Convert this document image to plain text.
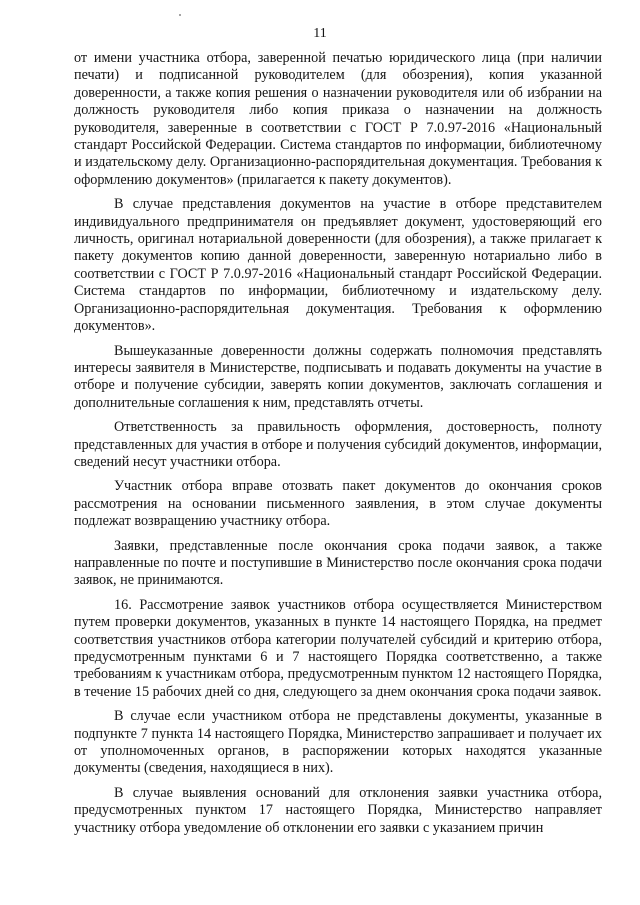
11

от имени участника отбора, заверенной печатью юридического лица (при наличии печати) и подписанной руководителем (для обозрения), копия указанной доверенности, а также копия решения о назначении руководителя или об избрании на должность руководителя либо копия приказа о назначении на должность руководителя, заверенные в соответствии с ГОСТ Р 7.0.97-2016 «Национальный стандарт Российской Федерации. Система стандартов по информации, библиотечному и издательскому делу. Организационно-распорядительная документация. Требования к оформлению документов» (прилагается к пакету документов).

В случае представления документов на участие в отборе представителем индивидуального предпринимателя он предъявляет документ, удостоверяющий его личность, оригинал нотариальной доверенности (для обозрения), а также прилагает к пакету документов копию данной доверенности, заверенную нотариально либо в соответствии с ГОСТ Р 7.0.97-2016 «Национальный стандарт Российской Федерации. Система стандартов по информации, библиотечному и издательскому делу. Организационно-распорядительная документация. Требования к оформлению документов».

Вышеуказанные доверенности должны содержать полномочия представлять интересы заявителя в Министерстве, подписывать и подавать документы на участие в отборе и получение субсидии, заверять копии документов, заключать соглашения и дополнительные соглашения к ним, представлять отчеты.

Ответственность за правильность оформления, достоверность, полноту представленных для участия в отборе и получения субсидий документов, информации, сведений несут участники отбора.

Участник отбора вправе отозвать пакет документов до окончания сроков рассмотрения на основании письменного заявления, в этом случае документы подлежат возвращению участнику отбора.

Заявки, представленные после окончания срока подачи заявок, а также направленные по почте и поступившие в Министерство после окончания срока подачи заявок, не принимаются.

16. Рассмотрение заявок участников отбора осуществляется Министерством путем проверки документов, указанных в пункте 14 настоящего Порядка, на предмет соответствия участников отбора категории получателей субсидий и критерию отбора, предусмотренным пунктами 6 и 7 настоящего Порядка соответственно, а также требованиям к участникам отбора, предусмотренным пунктом 12 настоящего Порядка, в течение 15 рабочих дней со дня, следующего за днем окончания срока подачи заявок.

В случае если участником отбора не представлены документы, указанные в подпункте 7 пункта 14 настоящего Порядка, Министерство запрашивает и получает их от уполномоченных органов, в распоряжении которых находятся указанные документы (сведения, находящиеся в них).

В случае выявления оснований для отклонения заявки участника отбора, предусмотренных пунктом 17 настоящего Порядка, Министерство направляет участнику отбора уведомление об отклонении его заявки с указанием причин
